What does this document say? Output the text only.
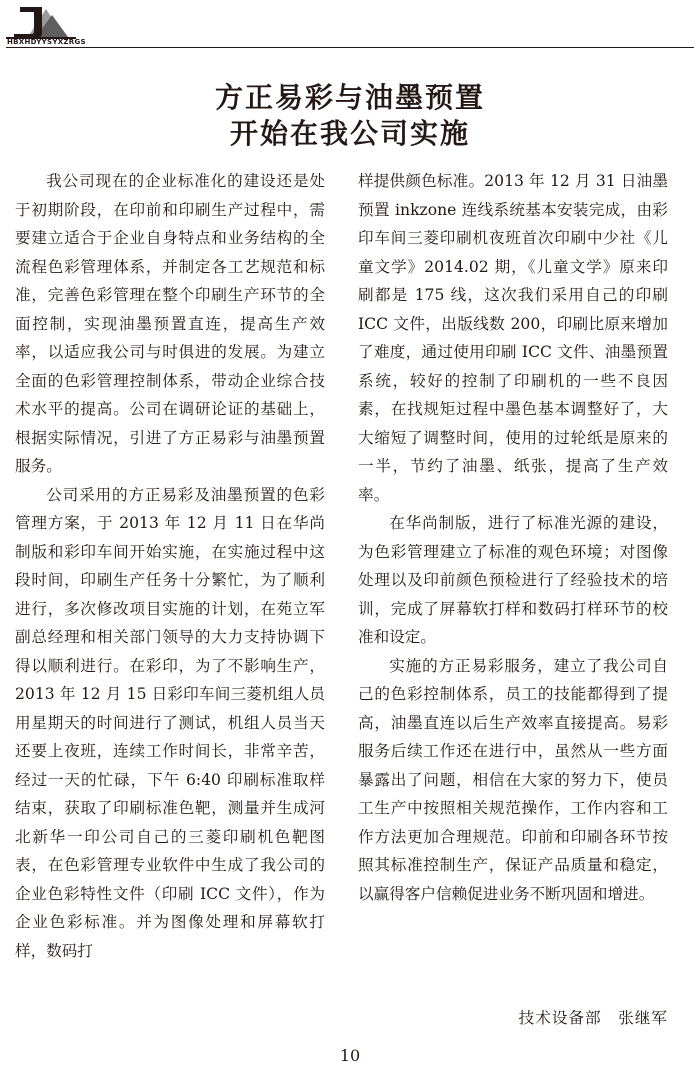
HBXHDYYSYXZRGS
方正易彩与油墨预置
开始在我公司实施

我公司现在的企业标准化的建设还是处于初期阶段，在印前和印刷生产过程中，需要建立适合于企业自身特点和业务结构的全流程色彩管理体系，并制定各工艺规范和标准，完善色彩管理在整个印刷生产环节的全面控制，实现油墨预置直连，提高生产效率，以适应我公司与时俱进的发展。为建立全面的色彩管理控制体系，带动企业综合技术水平的提高。公司在调研论证的基础上，根据实际情况，引进了方正易彩与油墨预置服务。

公司采用的方正易彩及油墨预置的色彩管理方案，于 2013 年 12 月 11 日在华尚制版和彩印车间开始实施，在实施过程中这段时间，印刷生产任务十分繁忙，为了顺利进行，多次修改项目实施的计划，在苑立军副总经理和相关部门领导的大力支持协调下得以顺利进行。在彩印，为了不影响生产，2013 年 12 月 15 日彩印车间三菱机组人员用星期天的时间进行了测试，机组人员当天还要上夜班，连续工作时间长，非常辛苦，经过一天的忙碌，下午 6:40 印刷标准取样结束，获取了印刷标准色靶，测量并生成河北新华一印公司自己的三菱印刷机色靶图表，在色彩管理专业软件中生成了我公司的企业色彩特性文件（印刷 ICC 文件），作为企业色彩标准。并为图像处理和屏幕软打样，数码打

样提供颜色标准。2013 年 12 月 31 日油墨预置 inkzone 连线系统基本安装完成，由彩印车间三菱印刷机夜班首次印刷中少社《儿童文学》2014.02 期，《儿童文学》原来印刷都是 175 线，这次我们采用自己的印刷 ICC 文件，出版线数 200，印刷比原来增加了难度，通过使用印刷 ICC 文件、油墨预置系统，较好的控制了印刷机的一些不良因素，在找规矩过程中墨色基本调整好了，大大缩短了调整时间，使用的过轮纸是原来的一半，节约了油墨、纸张，提高了生产效率。

在华尚制版，进行了标准光源的建设，为色彩管理建立了标准的观色环境；对图像处理以及印前颜色预检进行了经验技术的培训，完成了屏幕软打样和数码打样环节的校准和设定。

实施的方正易彩服务，建立了我公司自己的色彩控制体系，员工的技能都得到了提高，油墨直连以后生产效率直接提高。易彩服务后续工作还在进行中，虽然从一些方面暴露出了问题，相信在大家的努力下，使员工生产中按照相关规范操作，工作内容和工作方法更加合理规范。印前和印刷各环节按照其标准控制生产，保证产品质量和稳定，以赢得客户信赖促进业务不断巩固和增进。

技术设备部　张继军
10
